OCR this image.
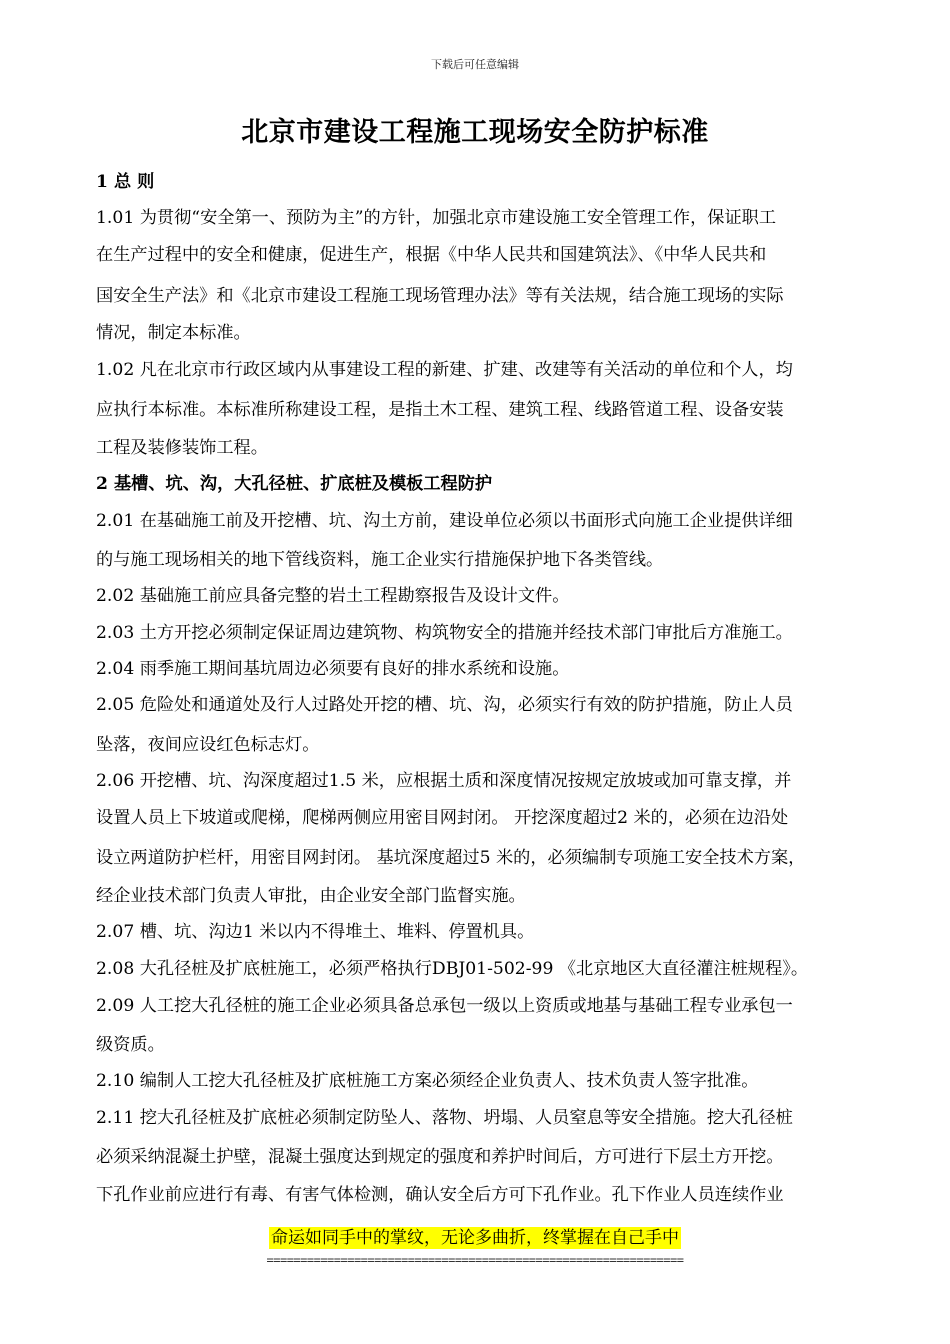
下载后可任意编辑
北京市建设工程施工现场安全防护标准
1 总 则
1.01 为贯彻“安全第一、预防为主”的方针，加强北京市建设施工安全管理工作，保证职工
在生产过程中的安全和健康，促进生产，根据《中华人民共和国建筑法》、《中华人民共和
国安全生产法》和《北京市建设工程施工现场管理办法》等有关法规，结合施工现场的实际
情况，制定本标准。
1.02 凡在北京市行政区域内从事建设工程的新建、扩建、改建等有关活动的单位和个人，均
应执行本标准。本标准所称建设工程，是指土木工程、建筑工程、线路管道工程、设备安装
工程及装修装饰工程。
2 基槽、坑、沟，大孔径桩、扩底桩及模板工程防护
2.01 在基础施工前及开挖槽、坑、沟土方前，建设单位必须以书面形式向施工企业提供详细
的与施工现场相关的地下管线资料，施工企业实行措施保护地下各类管线。
2.02 基础施工前应具备完整的岩土工程勘察报告及设计文件。
2.03 土方开挖必须制定保证周边建筑物、构筑物安全的措施并经技术部门审批后方准施工。
2.04 雨季施工期间基坑周边必须要有良好的排水系统和设施。
2.05 危险处和通道处及行人过路处开挖的槽、坑、沟，必须实行有效的防护措施，防止人员
坠落，夜间应设红色标志灯。
2.06 开挖槽、坑、沟深度超过1.5 米，应根据土质和深度情况按规定放坡或加可靠支撑，并
设置人员上下坡道或爬梯，爬梯两侧应用密目网封闭。 开挖深度超过2 米的，必须在边沿处
设立两道防护栏杆，用密目网封闭。 基坑深度超过5 米的，必须编制专项施工安全技术方案，
经企业技术部门负责人审批，由企业安全部门监督实施。
2.07 槽、坑、沟边1 米以内不得堆土、堆料、停置机具。
2.08 大孔径桩及扩底桩施工，必须严格执行DBJ01-502-99 《北京地区大直径灌注桩规程》。
2.09 人工挖大孔径桩的施工企业必须具备总承包一级以上资质或地基与基础工程专业承包一
级资质。
2.10 编制人工挖大孔径桩及扩底桩施工方案必须经企业负责人、技术负责人签字批准。
2.11 挖大孔径桩及扩底桩必须制定防坠人、落物、坍塌、人员窒息等安全措施。挖大孔径桩
必须采纳混凝土护壁，混凝土强度达到规定的强度和养护时间后，方可进行下层土方开挖。
下孔作业前应进行有毒、有害气体检测，确认安全后方可下孔作业。孔下作业人员连续作业
命运如同手中的掌纹，无论多曲折，终掌握在自己手中
==============================================================
